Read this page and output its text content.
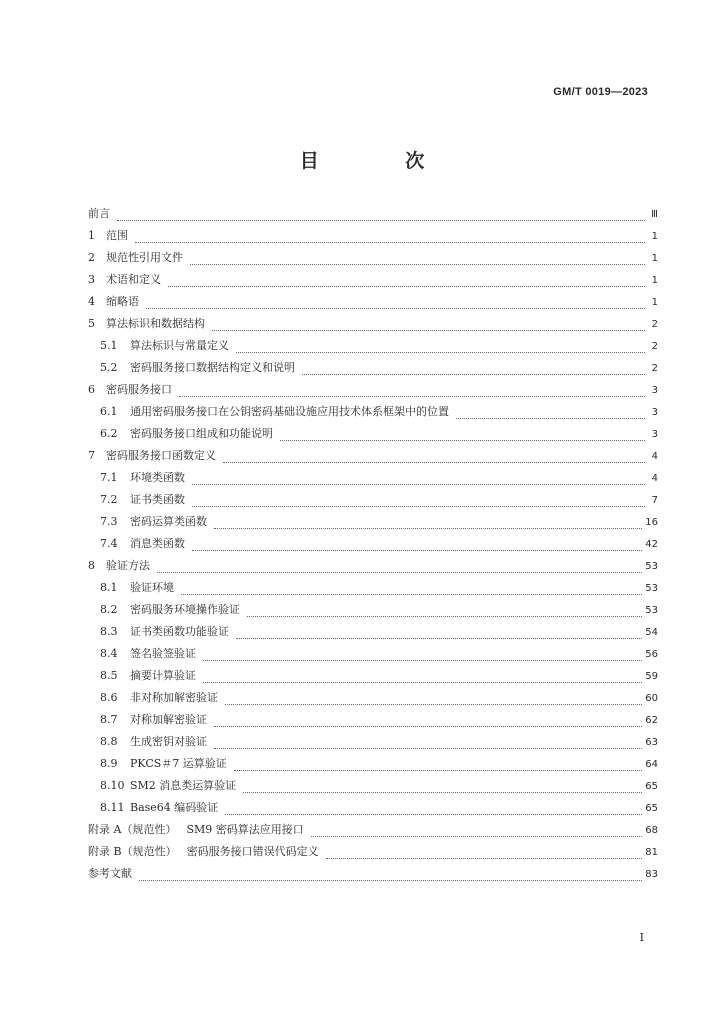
GM/T 0019—2023
目 次
前言	Ⅲ
1	范围	1
2	规范性引用文件	1
3	术语和定义	1
4	缩略语	1
5	算法标识和数据结构	2
5.1	算法标识与常量定义	2
5.2	密码服务接口数据结构定义和说明	2
6	密码服务接口	3
6.1	通用密码服务接口在公钥密码基础设施应用技术体系框架中的位置	3
6.2	密码服务接口组成和功能说明	3
7	密码服务接口函数定义	4
7.1	环境类函数	4
7.2	证书类函数	7
7.3	密码运算类函数	16
7.4	消息类函数	42
8	验证方法	53
8.1	验证环境	53
8.2	密码服务环境操作验证	53
8.3	证书类函数功能验证	54
8.4	签名验签验证	56
8.5	摘要计算验证	59
8.6	非对称加解密验证	60
8.7	对称加解密验证	62
8.8	生成密钥对验证	63
8.9	PKCS＃7 运算验证	64
8.10 SM2 消息类运算验证	65
8.11 Base64 编码验证	65
附录 A（规范性） SM9 密码算法应用接口	68
附录 B（规范性） 密码服务接口错误代码定义	81
参考文献	83
Ⅰ
